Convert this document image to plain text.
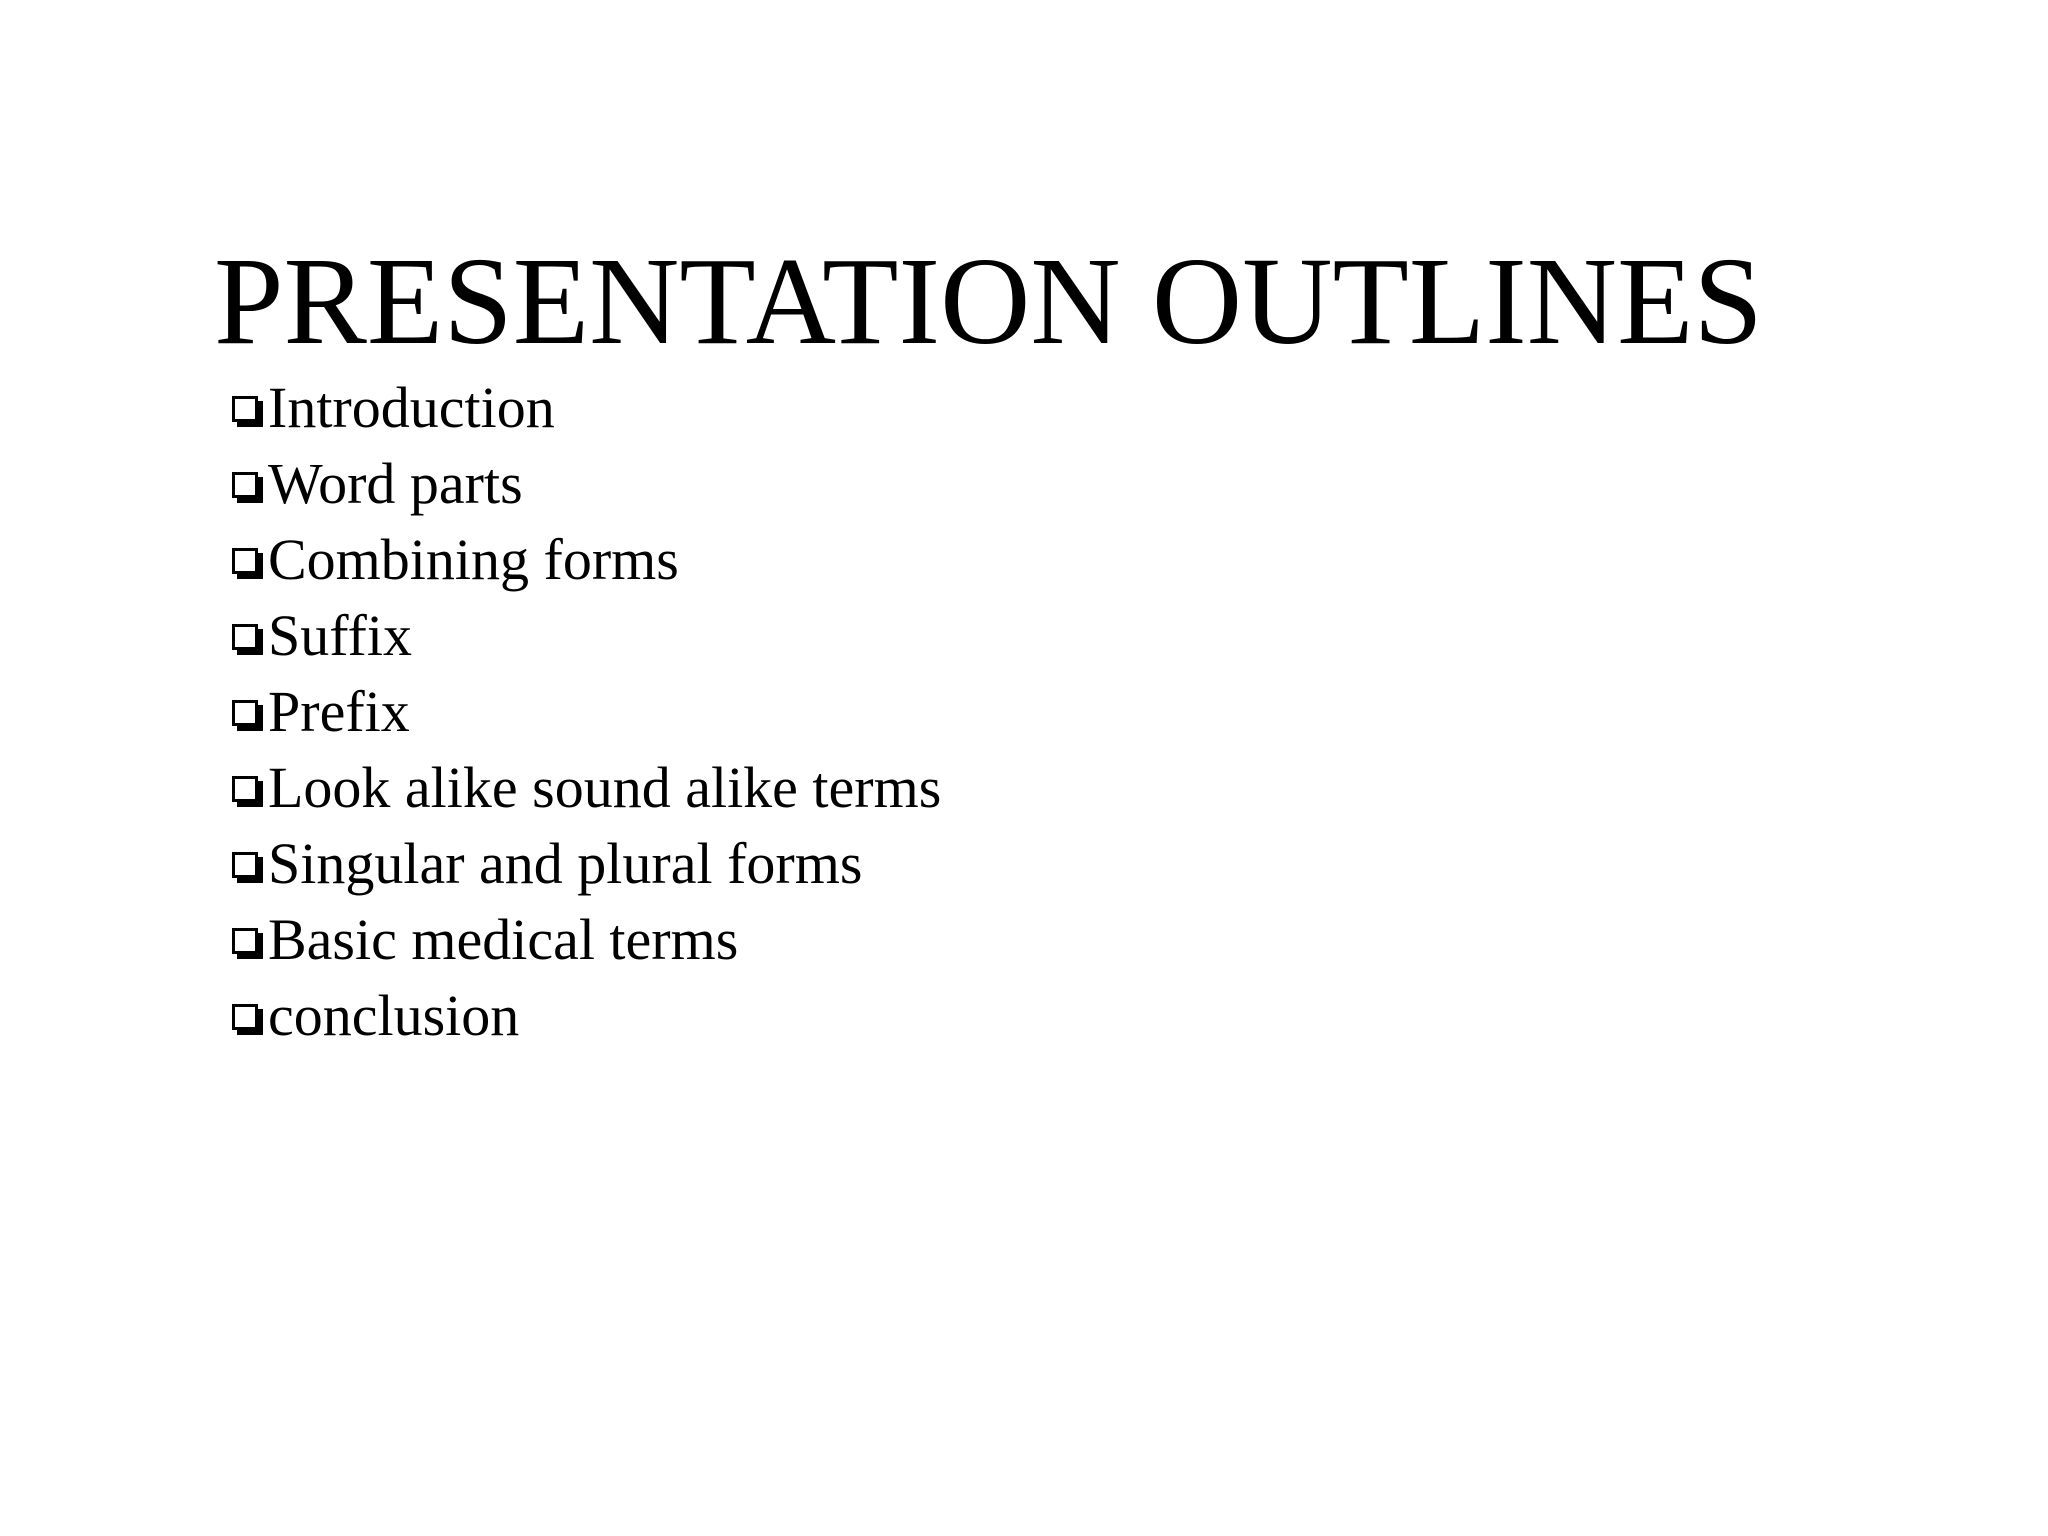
PRESENTATION OUTLINES
Introduction
Word parts
Combining forms
Suffix
Prefix
Look alike sound alike terms
Singular and plural forms
Basic medical terms
conclusion
